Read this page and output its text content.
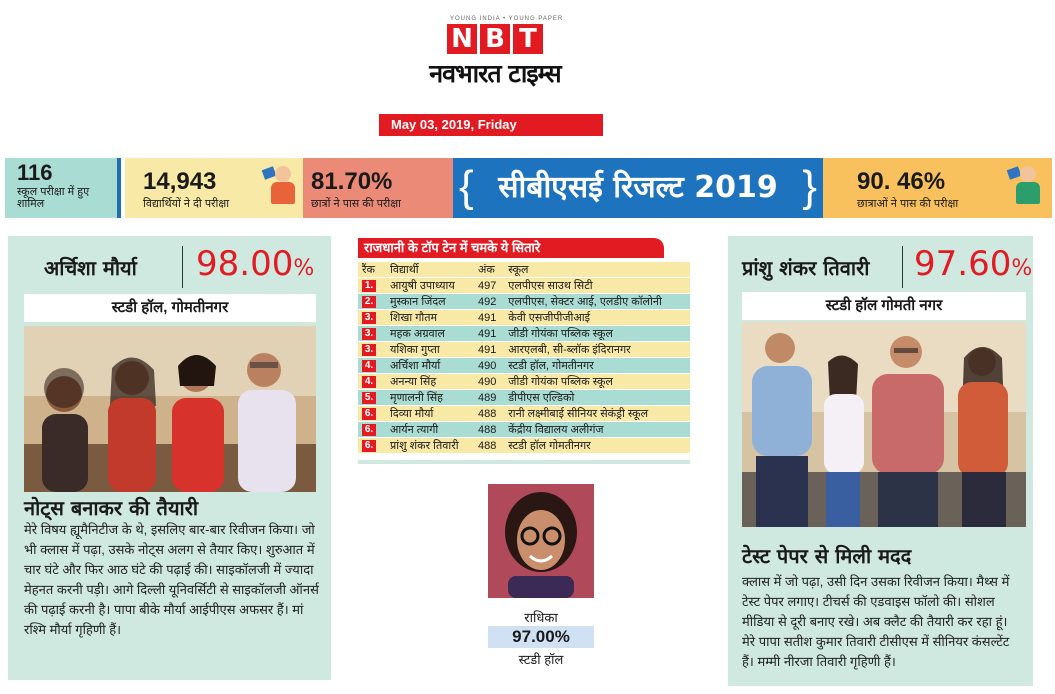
YOUNG INDIA • YOUNG PAPER
N B T
नवभारत टाइम्स
May 03, 2019, Friday
116
स्कूल परीक्षा में हुए शामिल
14,943
विद्यार्थियों ने दी परीक्षा
81.70%
छात्रों ने पास की परीक्षा { सीबीएसई रिजल्ट 2019 } 90. 46%
छात्राओं ने पास की परीक्षा
अर्चिशा मौर्या 98.00%
स्टडी हॉल, गोमतीनगर
नोट्स बनाकर की तैयारी
मेरे विषय ह्यूमैनिटीज के थे, इसलिए बार-बार रिवीजन किया। जो भी क्लास में पढ़ा, उसके नोट्स अलग से तैयार किए। शुरुआत में चार घंटे और फिर आठ घंटे की पढ़ाई की। साइकॉलजी में ज्यादा मेहनत करनी पड़ी। आगे दिल्ली यूनिवर्सिटी से साइकॉलजी ऑनर्स की पढ़ाई करनी है। पापा बीके मौर्या आईपीएस अफसर हैं। मां रश्मि मौर्या गृहिणी हैं।
राजधानी के टॉप टेन में चमके ये सितारे
रैंक	विद्यार्थी	अंक	स्कूल
1.	आयुषी उपाध्याय	497	एलपीएस साउथ सिटी
2.	मुस्कान जिंदल	492	एलपीएस, सेक्टर आई, एलडीए कॉलोनी
3.	शिखा गौतम	491	केवी एसजीपीजीआई
3.	महक अग्रवाल	491	जीडी गोयंका पब्लिक स्कूल
3.	यशिका गुप्ता	491	आरएलबी, सी-ब्लॉक इंदिरानगर
4.	अर्चिशा मौर्या	490	स्टडी हॉल, गोमतीनगर
4.	अनन्या सिंह	490	जीडी गोयंका पब्लिक स्कूल
5.	मृणालनी सिंह	489	डीपीएस एल्डिको
6.	दिव्या मौर्या	488	रानी लक्ष्मीबाई सीनियर सेकंड्री स्कूल
6.	आर्यन त्यागी	488	केंद्रीय विद्यालय अलीगंज
6.	प्रांशु शंकर तिवारी	488	स्टडी हॉल गोमतीनगर
राधिका
97.00%
स्टडी हॉल
प्रांशु शंकर तिवारी 97.60%
स्टडी हॉल गोमती नगर
टेस्ट पेपर से मिली मदद
क्लास में जो पढ़ा, उसी दिन उसका रिवीजन किया। मैथ्स में टेस्ट पेपर लगाए। टीचर्स की एडवाइस फॉलो की। सोशल मीडिया से दूरी बनाए रखे। अब क्लैट की तैयारी कर रहा हूं। मेरे पापा सतीश कुमार तिवारी टीसीएस में सीनियर कंसल्टेंट हैं। मम्मी नीरजा तिवारी गृहिणी हैं।
